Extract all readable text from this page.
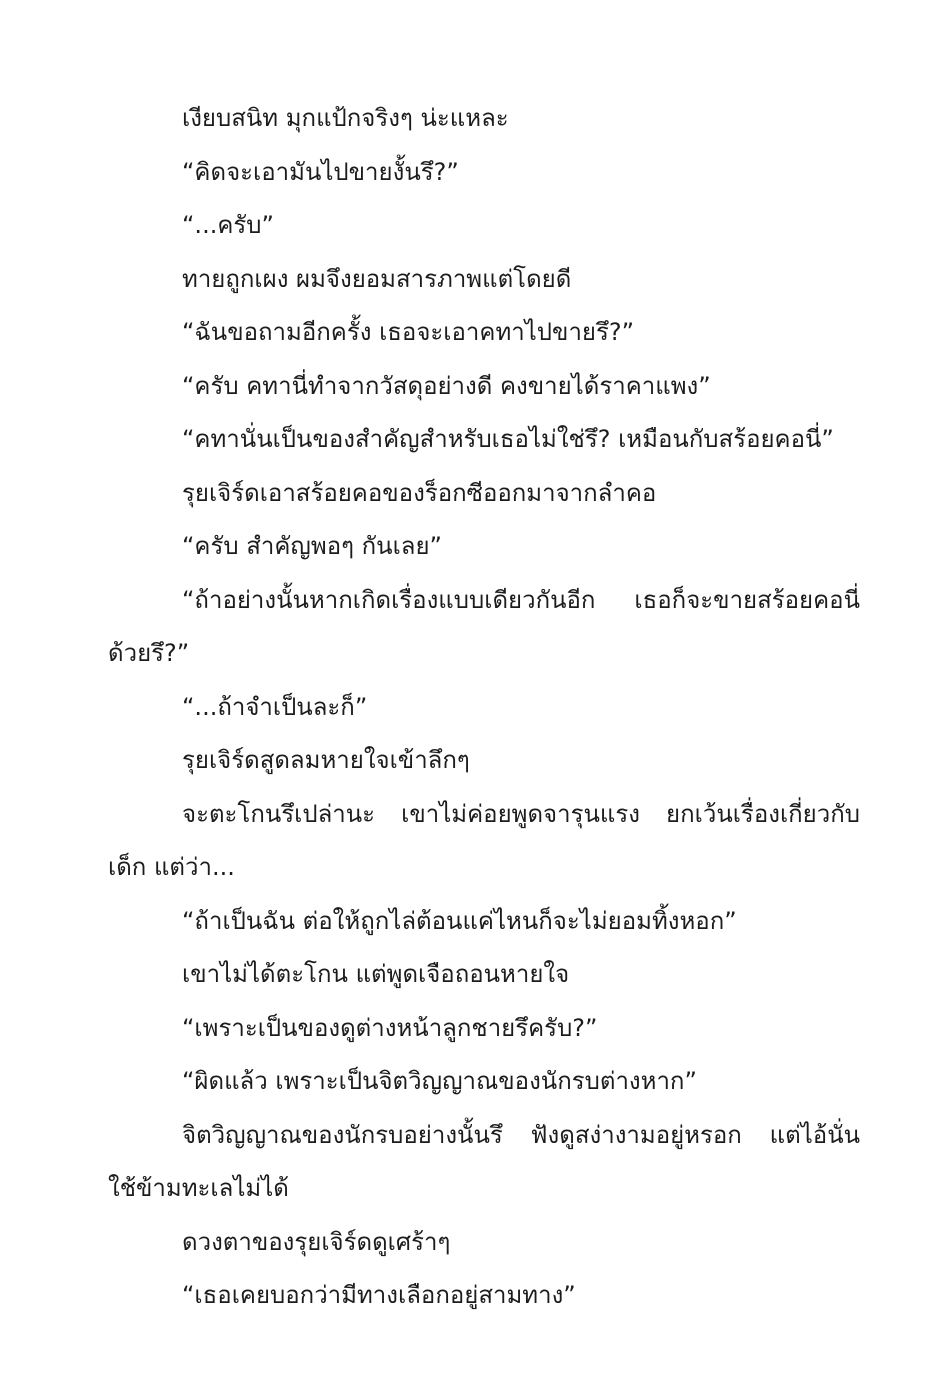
เงียบสนิท มุกแป้กจริงๆ น่ะแหละ
“คิดจะเอามันไปขายงั้นรึ?”
“...ครับ”
ทายถูกเผง ผมจึงยอมสารภาพแต่โดยดี
“ฉันขอถามอีกครั้ง เธอจะเอาคทาไปขายรึ?”
“ครับ คทานี่ทำจากวัสดุอย่างดี คงขายได้ราคาแพง”
“คทานั่นเป็นของสำคัญสำหรับเธอไม่ใช่รึ? เหมือนกับสร้อยคอนี่”
รุยเจิร์ดเอาสร้อยคอของร็อกซีออกมาจากลำคอ
“ครับ สำคัญพอๆ กันเลย”
“ถ้าอย่างนั้นหากเกิดเรื่องแบบเดียวกันอีก เธอก็จะขายสร้อยคอนี่
ด้วยรึ?”
“...ถ้าจำเป็นละก็”
รุยเจิร์ดสูดลมหายใจเข้าลึกๆ
จะตะโกนรึเปล่านะ เขาไม่ค่อยพูดจารุนแรง ยกเว้นเรื่องเกี่ยวกับ
เด็ก แต่ว่า...
“ถ้าเป็นฉัน ต่อให้ถูกไล่ต้อนแค่ไหนก็จะไม่ยอมทิ้งหอก”
เขาไม่ได้ตะโกน แต่พูดเจือถอนหายใจ
“เพราะเป็นของดูต่างหน้าลูกชายรึครับ?”
“ผิดแล้ว เพราะเป็นจิตวิญญาณของนักรบต่างหาก”
จิตวิญญาณของนักรบอย่างนั้นรึ ฟังดูสง่างามอยู่หรอก แต่ไอ้นั่น
ใช้ข้ามทะเลไม่ได้
ดวงตาของรุยเจิร์ดดูเศร้าๆ
“เธอเคยบอกว่ามีทางเลือกอยู่สามทาง”
